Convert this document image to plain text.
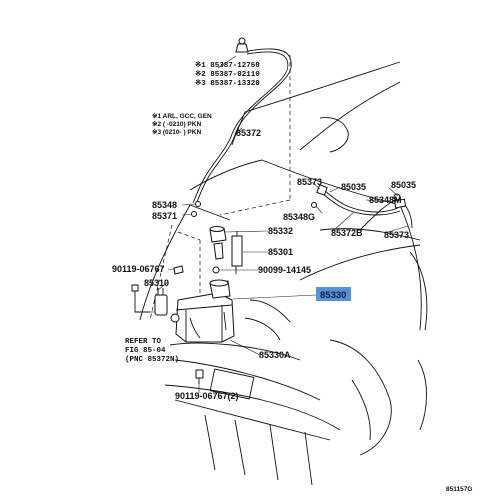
※1 85387-12760
※2 85387-02110
※3 85387-13320
※1 ARL, GCC, GEN
※2 ( -0210) PKN
※3 (0210- ) PKN	85372
85348
85371
85373 85035	85035
85348M
85348G
85372B 85373
85332
85301
90099-14145
90119-06767
85310
85330A
90119-06767(2)
85330
REFER TO
FIG 85-04
(PNC 85372N)
851157G
